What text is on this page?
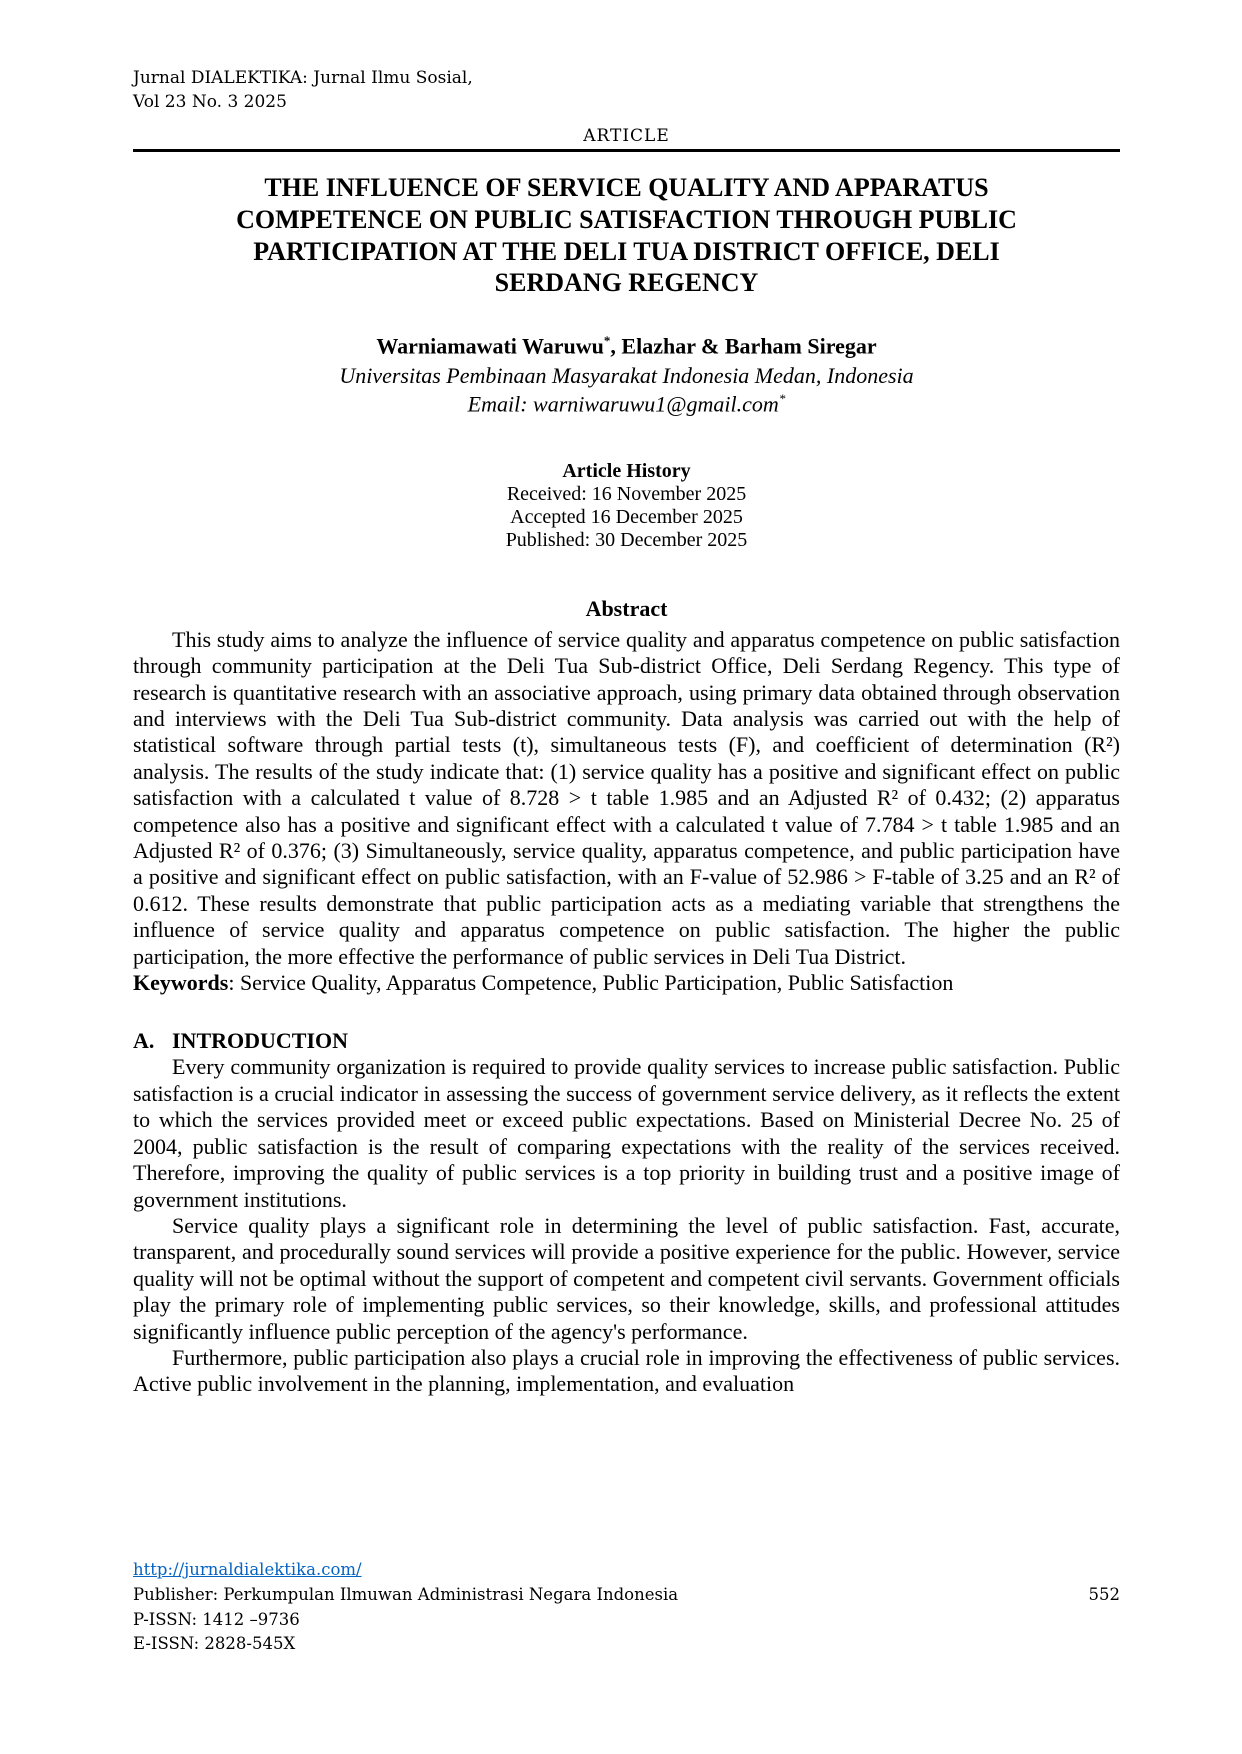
Jurnal DIALEKTIKA: Jurnal Ilmu Sosial,
Vol 23 No. 3 2025
ARTICLE
THE INFLUENCE OF SERVICE QUALITY AND APPARATUS COMPETENCE ON PUBLIC SATISFACTION THROUGH PUBLIC PARTICIPATION AT THE DELI TUA DISTRICT OFFICE, DELI SERDANG REGENCY
Warniamawati Waruwu*, Elazhar & Barham Siregar
Universitas Pembinaan Masyarakat Indonesia Medan, Indonesia
Email: warniwaruwu1@gmail.com*
Article History
Received: 16 November 2025
Accepted 16 December 2025
Published: 30 December 2025
Abstract

This study aims to analyze the influence of service quality and apparatus competence on public satisfaction through community participation at the Deli Tua Sub-district Office, Deli Serdang Regency. This type of research is quantitative research with an associative approach, using primary data obtained through observation and interviews with the Deli Tua Sub-district community. Data analysis was carried out with the help of statistical software through partial tests (t), simultaneous tests (F), and coefficient of determination (R²) analysis. The results of the study indicate that: (1) service quality has a positive and significant effect on public satisfaction with a calculated t value of 8.728 > t table 1.985 and an Adjusted R² of 0.432; (2) apparatus competence also has a positive and significant effect with a calculated t value of 7.784 > t table 1.985 and an Adjusted R² of 0.376; (3) Simultaneously, service quality, apparatus competence, and public participation have a positive and significant effect on public satisfaction, with an F-value of 52.986 > F-table of 3.25 and an R² of 0.612. These results demonstrate that public participation acts as a mediating variable that strengthens the influence of service quality and apparatus competence on public satisfaction. The higher the public participation, the more effective the performance of public services in Deli Tua District.

Keywords: Service Quality, Apparatus Competence, Public Participation, Public Satisfaction

A. INTRODUCTION

Every community organization is required to provide quality services to increase public satisfaction. Public satisfaction is a crucial indicator in assessing the success of government service delivery, as it reflects the extent to which the services provided meet or exceed public expectations. Based on Ministerial Decree No. 25 of 2004, public satisfaction is the result of comparing expectations with the reality of the services received. Therefore, improving the quality of public services is a top priority in building trust and a positive image of government institutions.

Service quality plays a significant role in determining the level of public satisfaction. Fast, accurate, transparent, and procedurally sound services will provide a positive experience for the public. However, service quality will not be optimal without the support of competent and competent civil servants. Government officials play the primary role of implementing public services, so their knowledge, skills, and professional attitudes significantly influence public perception of the agency's performance.

Furthermore, public participation also plays a crucial role in improving the effectiveness of public services. Active public involvement in the planning, implementation, and evaluation

http://jurnaldialektika.com/
Publisher: Perkumpulan Ilmuwan Administrasi Negara Indonesia	552
P-ISSN: 1412 –9736
E-ISSN: 2828-545X
